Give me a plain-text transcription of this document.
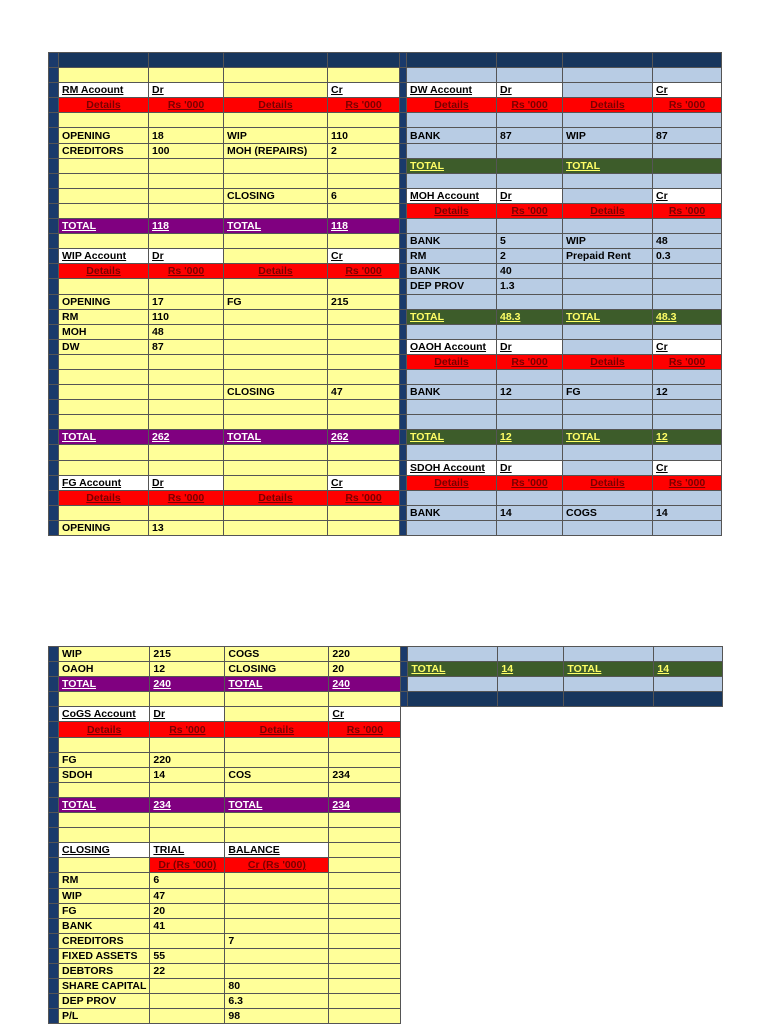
	RM Acoount	Dr		Cr		DW Account	Dr		Cr
	Details	Rs '000	Details	Rs '000		Details	Rs '000	Details	Rs '000

	OPENING	18	WIP	110		BANK	87	WIP	87
	CREDITORS	100	MOH (REPAIRS)	2					
						TOTAL		TOTAL	

			CLOSING	6		MOH Account	Dr		Cr
						Details	Rs '000	Details	Rs '000
	TOTAL	118	TOTAL	118					
						BANK	5	WIP	48
	WIP Account	Dr		Cr		RM	2	Prepaid Rent	0.3
	Details	Rs '000	Details	Rs '000		BANK	40		
						DEP PROV	1.3		
	OPENING	17	FG	215					
	RM	110				TOTAL	48.3	TOTAL	48.3
	MOH	48							
	DW	87				OAOH Account	Dr		Cr
						Details	Rs '000	Details	Rs '000

			CLOSING	47		BANK	12	FG	12

	TOTAL	262	TOTAL	262		TOTAL	12	TOTAL	12

						SDOH Account	Dr		Cr
	FG Account	Dr		Cr		Details	Rs '000	Details	Rs '000
	Details	Rs '000	Details	Rs '000					
						BANK	14	COGS	14
	OPENING	13							
	WIP	215	COGS	220					
	OAOH	12	CLOSING	20		TOTAL	14	TOTAL	14
	TOTAL	240	TOTAL	240					

	CoGS Account	Dr		Cr					
	Details	Rs '000	Details	Rs '000					

	FG	220							
	SDOH	14	COS	234					

	TOTAL	234	TOTAL	234					

	CLOSING	TRIAL	BALANCE						
		Dr (Rs '000)	Cr (Rs '000)						
	RM	6							
	WIP	47							
	FG	20							
	BANK	41							
	CREDITORS		7						
	FIXED ASSETS	55							
	DEBTORS	22							
	SHARE CAPITAL		80						
	DEP PROV		6.3						
	P/L		98						
